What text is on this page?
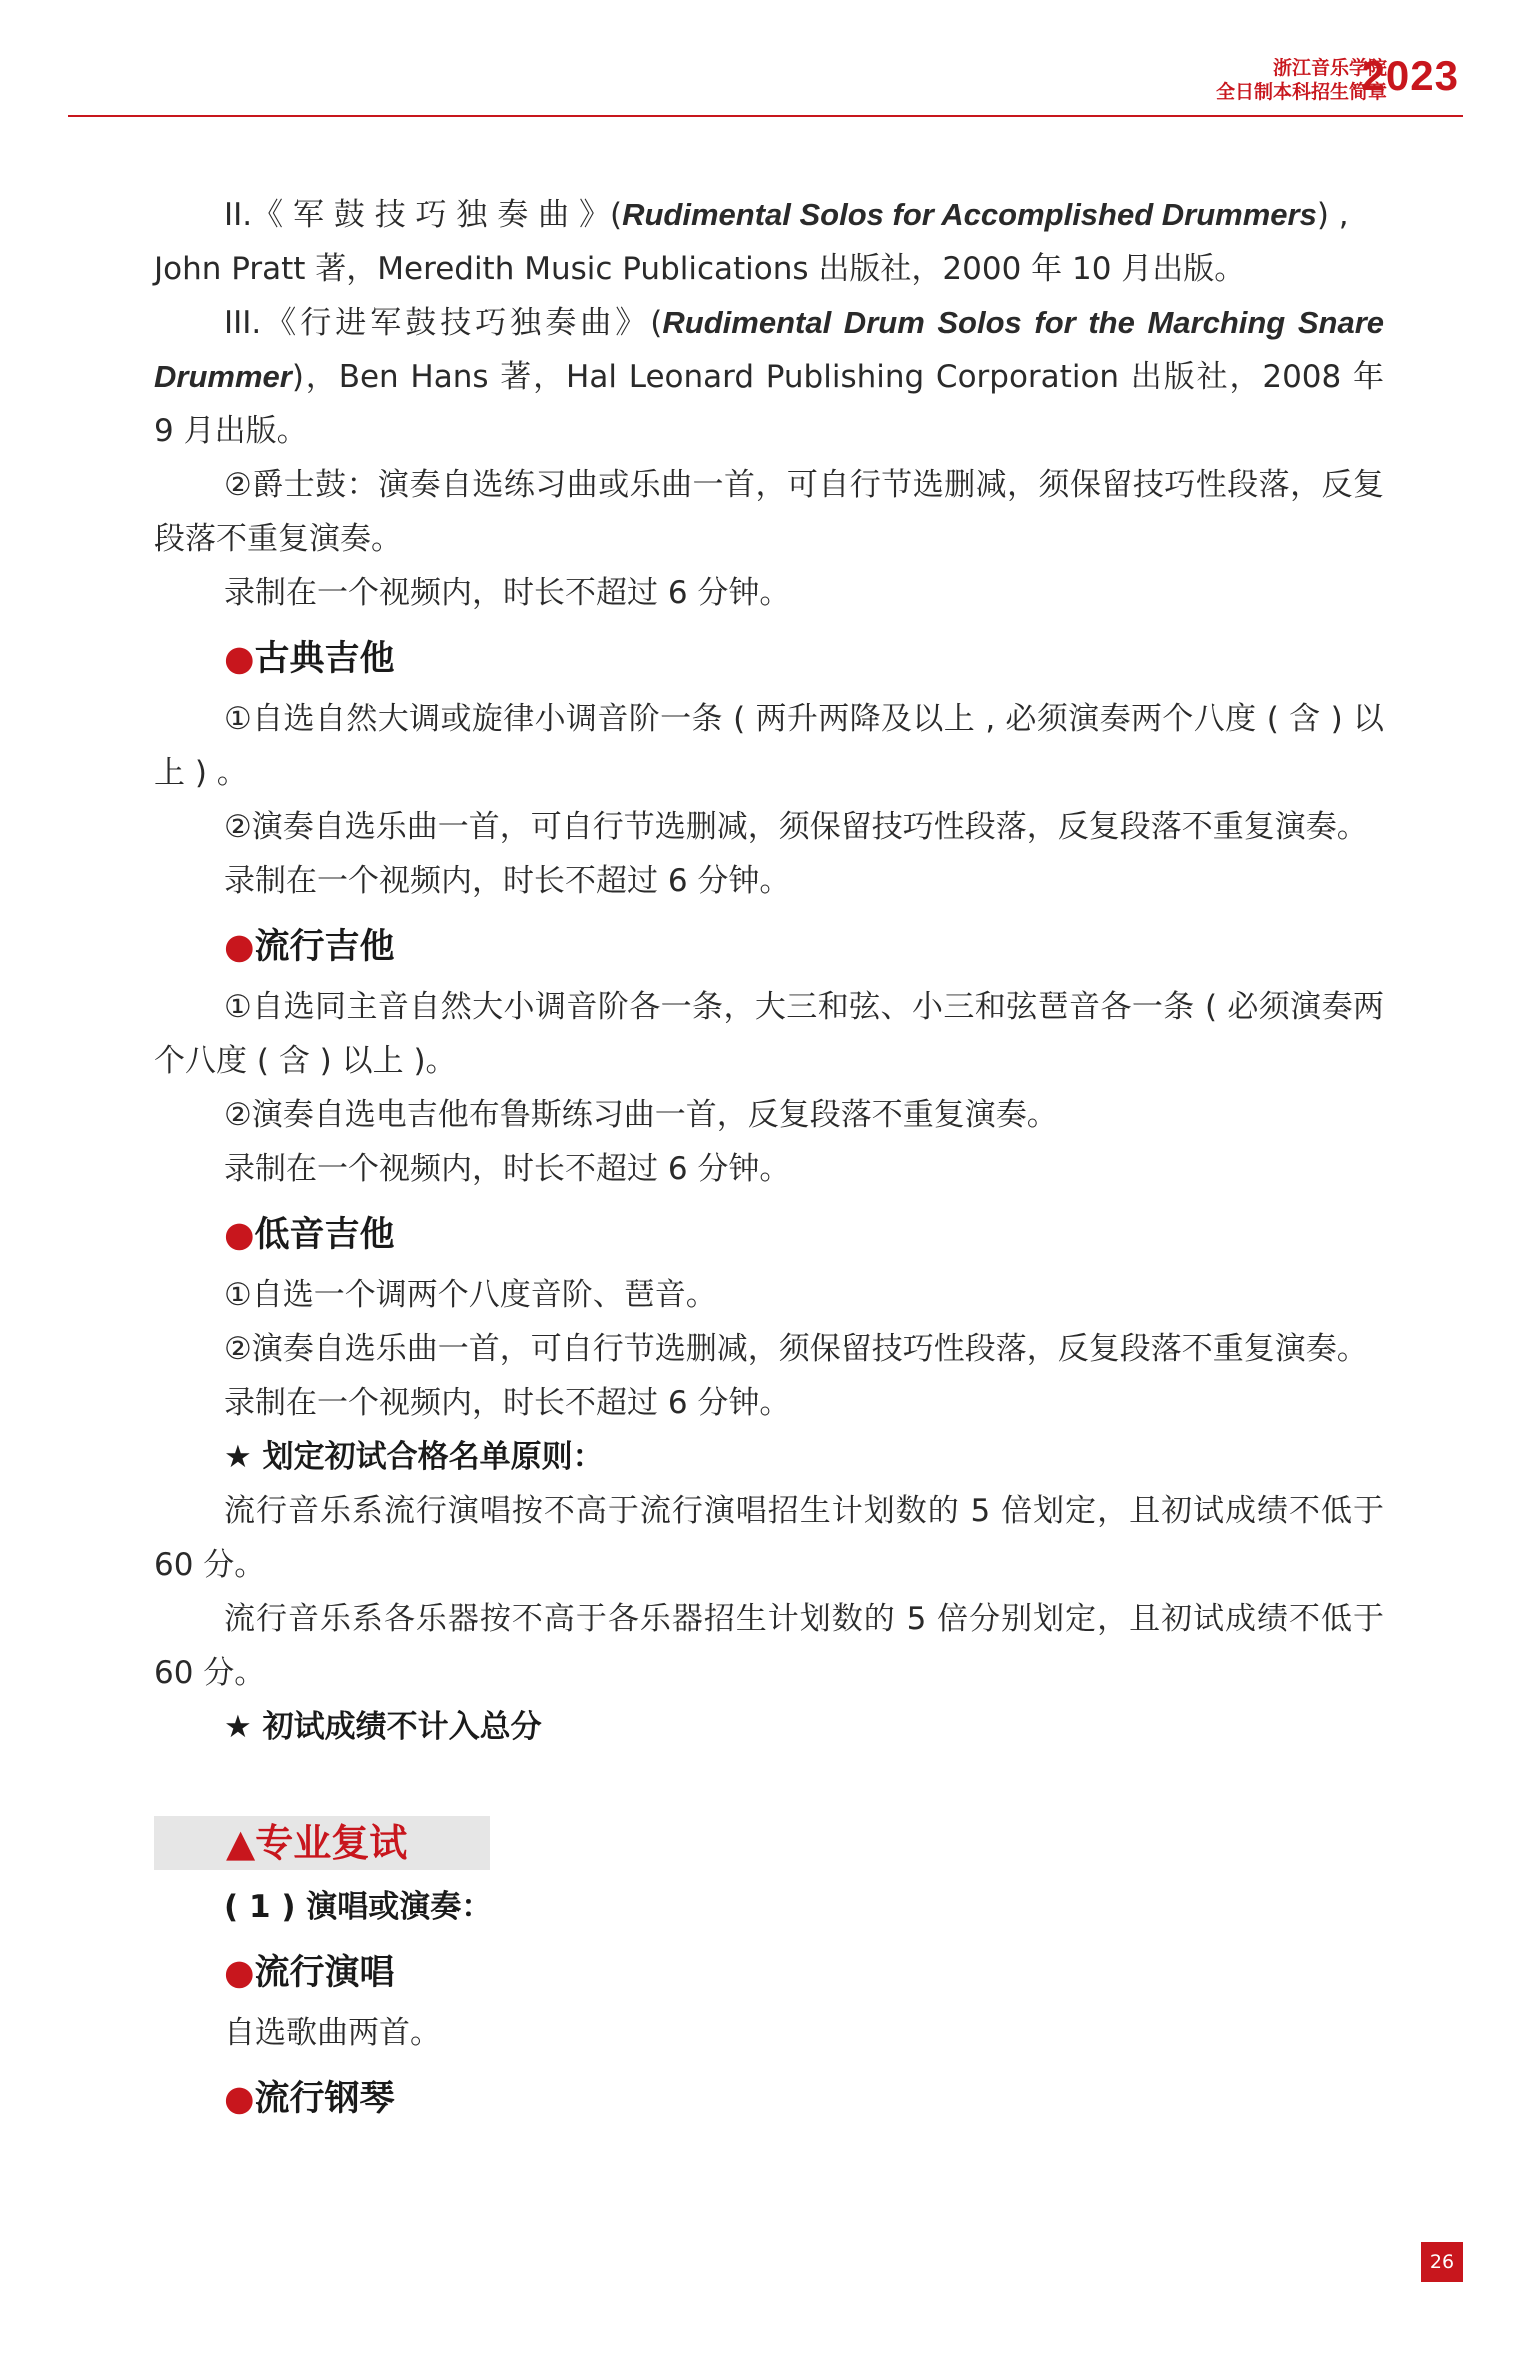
浙江音乐学院
全日制本科招生简章
2023

II.《 军 鼓 技 巧 独 奏 曲 》(Rudimental Solos for Accomplished Drummers) ,

John Pratt 著，Meredith Music Publications 出版社，2000 年 10 月出版。

III.《行进军鼓技巧独奏曲》(Rudimental Drum Solos for the Marching Snare Drummer)，Ben Hans 著，Hal Leonard Publishing Corporation 出版社，2008 年 9 月出版。

②爵士鼓：演奏自选练习曲或乐曲一首，可自行节选删减，须保留技巧性段落，反复段落不重复演奏。

录制在一个视频内，时长不超过 6 分钟。

●古典吉他

①自选自然大调或旋律小调音阶一条 ( 两升两降及以上 , 必须演奏两个八度 ( 含 ) 以上 ) 。

②演奏自选乐曲一首，可自行节选删减，须保留技巧性段落，反复段落不重复演奏。

录制在一个视频内，时长不超过 6 分钟。

●流行吉他

①自选同主音自然大小调音阶各一条，大三和弦、小三和弦琶音各一条 ( 必须演奏两个八度 ( 含 ) 以上 )。

②演奏自选电吉他布鲁斯练习曲一首，反复段落不重复演奏。

录制在一个视频内，时长不超过 6 分钟。

●低音吉他

①自选一个调两个八度音阶、琶音。

②演奏自选乐曲一首，可自行节选删减，须保留技巧性段落，反复段落不重复演奏。

录制在一个视频内，时长不超过 6 分钟。

★ 划定初试合格名单原则：

流行音乐系流行演唱按不高于流行演唱招生计划数的 5 倍划定，且初试成绩不低于 60 分。

流行音乐系各乐器按不高于各乐器招生计划数的 5 倍分别划定，且初试成绩不低于 60 分。

★ 初试成绩不计入总分
▲专业复试
( 1 ) 演唱或演奏：
●流行演唱

自选歌曲两首。

●流行钢琴
26
